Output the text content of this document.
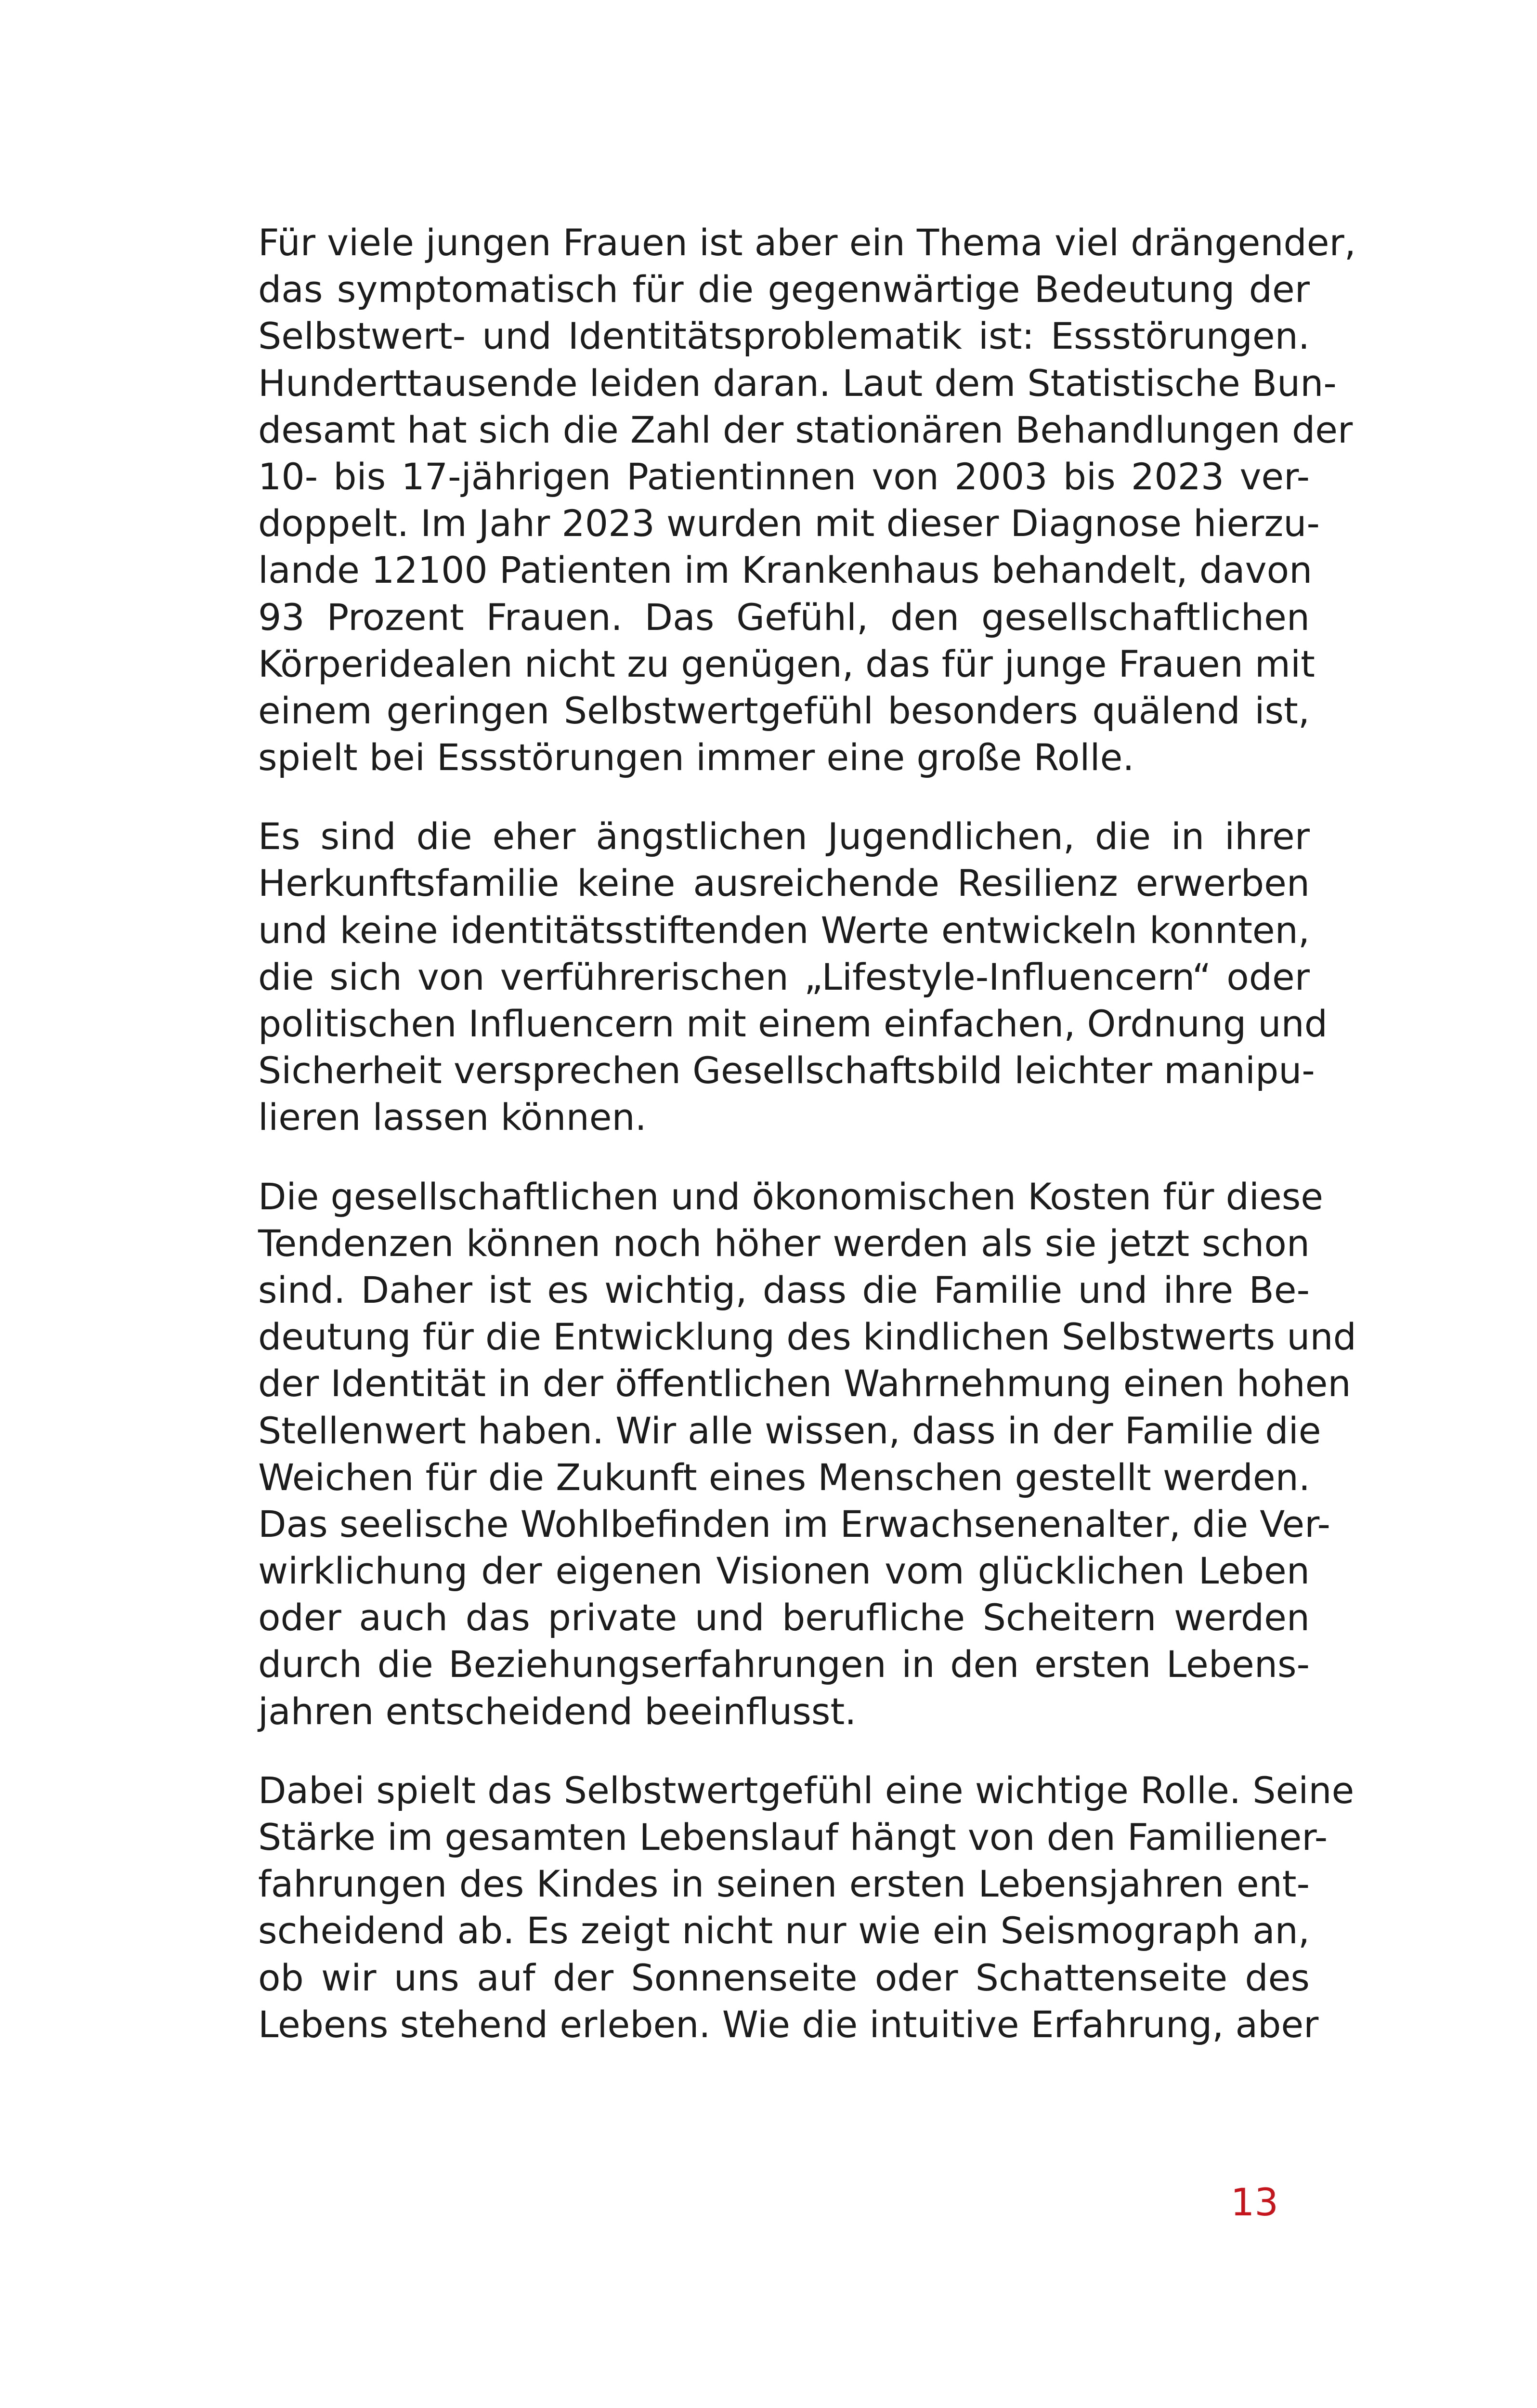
Für viele jungen Frauen ist aber ein Thema viel drängender,
das symptomatisch für die gegenwärtige Bedeutung der
Selbstwert- und Identitätsproblematik ist: Essstörungen.
Hunderttausende leiden daran. Laut dem Statistische Bun-
desamt hat sich die Zahl der stationären Behandlungen der
10- bis 17-jährigen Patientinnen von 2003 bis 2023 ver-
doppelt. Im Jahr 2023 wurden mit dieser Diagnose hierzu-
lande 12100 Patienten im Krankenhaus behandelt, davon
93 Prozent Frauen. Das Gefühl, den gesellschaftlichen
Körperidealen nicht zu genügen, das für junge Frauen mit
einem geringen Selbstwertgefühl besonders quälend ist,
spielt bei Essstörungen immer eine große Rolle.
Es sind die eher ängstlichen Jugendlichen, die in ihrer
Herkunftsfamilie keine ausreichende Resilienz erwerben
und keine identitätsstiftenden Werte entwickeln konnten,
die sich von verführerischen „Lifestyle-Influencern“ oder
politischen Influencern mit einem einfachen, Ordnung und
Sicherheit versprechen Gesellschaftsbild leichter manipu-
lieren lassen können.
Die gesellschaftlichen und ökonomischen Kosten für diese
Tendenzen können noch höher werden als sie jetzt schon
sind. Daher ist es wichtig, dass die Familie und ihre Be-
deutung für die Entwicklung des kindlichen Selbstwerts und
der Identität in der öffentlichen Wahrnehmung einen hohen
Stellenwert haben. Wir alle wissen, dass in der Familie die
Weichen für die Zukunft eines Menschen gestellt werden.
Das seelische Wohlbefinden im Erwachsenenalter, die Ver-
wirklichung der eigenen Visionen vom glücklichen Leben
oder auch das private und berufliche Scheitern werden
durch die Beziehungserfahrungen in den ersten Lebens-
jahren entscheidend beeinflusst.
Dabei spielt das Selbstwertgefühl eine wichtige Rolle. Seine
Stärke im gesamten Lebenslauf hängt von den Familiener-
fahrungen des Kindes in seinen ersten Lebensjahren ent-
scheidend ab. Es zeigt nicht nur wie ein Seismograph an,
ob wir uns auf der Sonnenseite oder Schattenseite des
Lebens stehend erleben. Wie die intuitive Erfahrung, aber
13
